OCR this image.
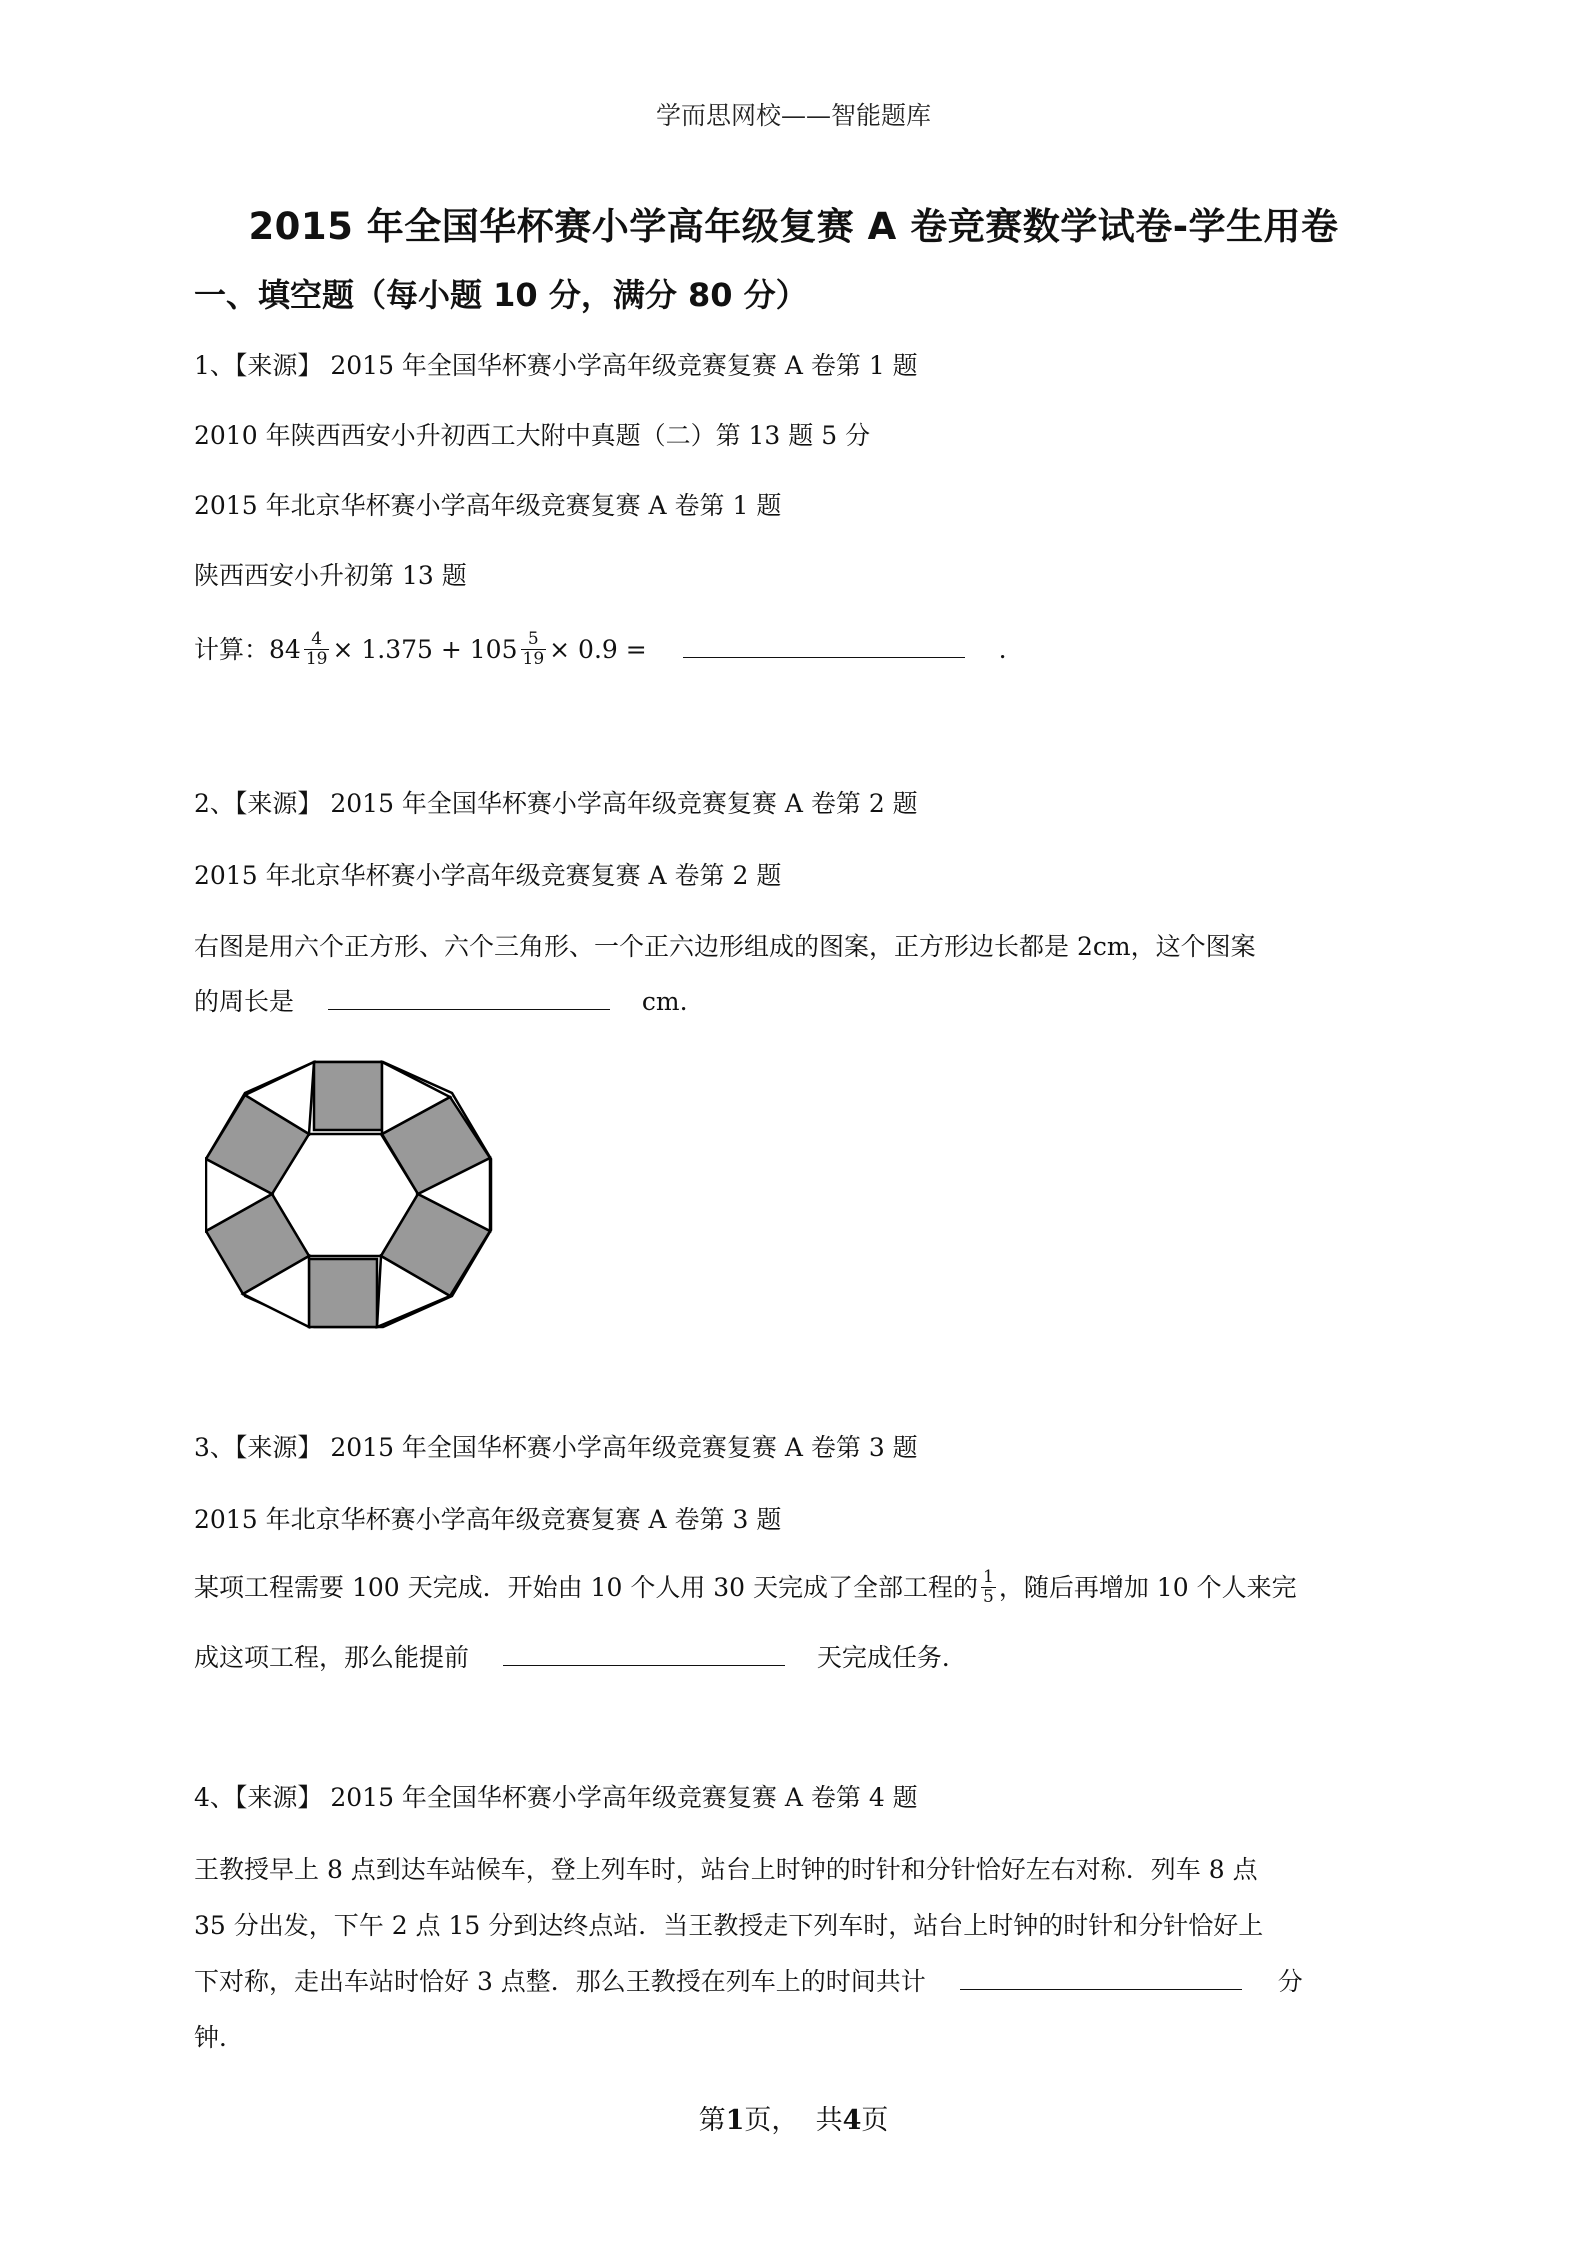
学而思网校——智能题库
2015 年全国华杯赛小学高年级复赛 A 卷竞赛数学试卷-学生用卷
一、填空题（每小题 10 分，满分 80 分）
1、【来源】 2015 年全国华杯赛小学高年级竞赛复赛 A 卷第 1 题
2010 年陕西西安小升初西工大附中真题（二）第 13 题 5 分
2015 年北京华杯赛小学高年级竞赛复赛 A 卷第 1 题
陕西西安小升初第 13 题
计算：$84 \frac{4}{19} \times 1.375 + 105 \frac{5}{19} \times 0.9$ =	.
2、【来源】 2015 年全国华杯赛小学高年级竞赛复赛 A 卷第 2 题
2015 年北京华杯赛小学高年级竞赛复赛 A 卷第 2 题
右图是用六个正方形、六个三角形、一个正六边形组成的图案，正方形边长都是 2cm，这个图案
的周长是	cm.
3、【来源】 2015 年全国华杯赛小学高年级竞赛复赛 A 卷第 3 题
2015 年北京华杯赛小学高年级竞赛复赛 A 卷第 3 题
某项工程需要 100 天完成．开始由 10 个人用 30 天完成了全部工程的 $\frac{1}{5}$ ，随后再增加 10 个人来完
成这项工程，那么能提前	天完成任务．
4、【来源】 2015 年全国华杯赛小学高年级竞赛复赛 A 卷第 4 题
王教授早上 8 点到达车站候车，登上列车时，站台上时钟的时针和分针恰好左右对称．列车 8 点
35 分出发，下午 2 点 15 分到达终点站．当王教授走下列车时，站台上时钟的时针和分针恰好上
下对称，走出车站时恰好 3 点整．那么王教授在列车上的时间共计	分
钟．
第1页， 共4页
